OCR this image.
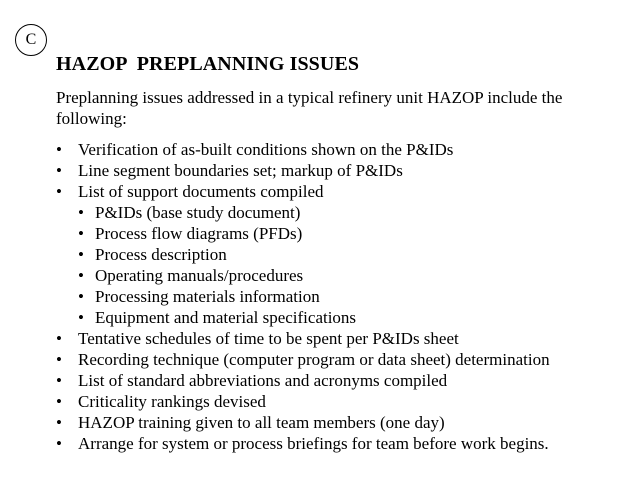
C
HAZOP  PREPLANNING ISSUES

Preplanning issues addressed in a typical refinery unit HAZOP include the following:

• Verification of as-built conditions shown on the P&IDs
• Line segment boundaries set; markup of P&IDs
• List of support documents compiled
• P&IDs (base study document)
• Process flow diagrams (PFDs)
• Process description
• Operating manuals/procedures
• Processing materials information
• Equipment and material specifications
• Tentative schedules of time to be spent per P&IDs sheet
• Recording technique (computer program or data sheet) determination
• List of standard abbreviations and acronyms compiled
• Criticality rankings devised
• HAZOP training given to all team members (one day)
• Arrange for system or process briefings for team before work begins.
